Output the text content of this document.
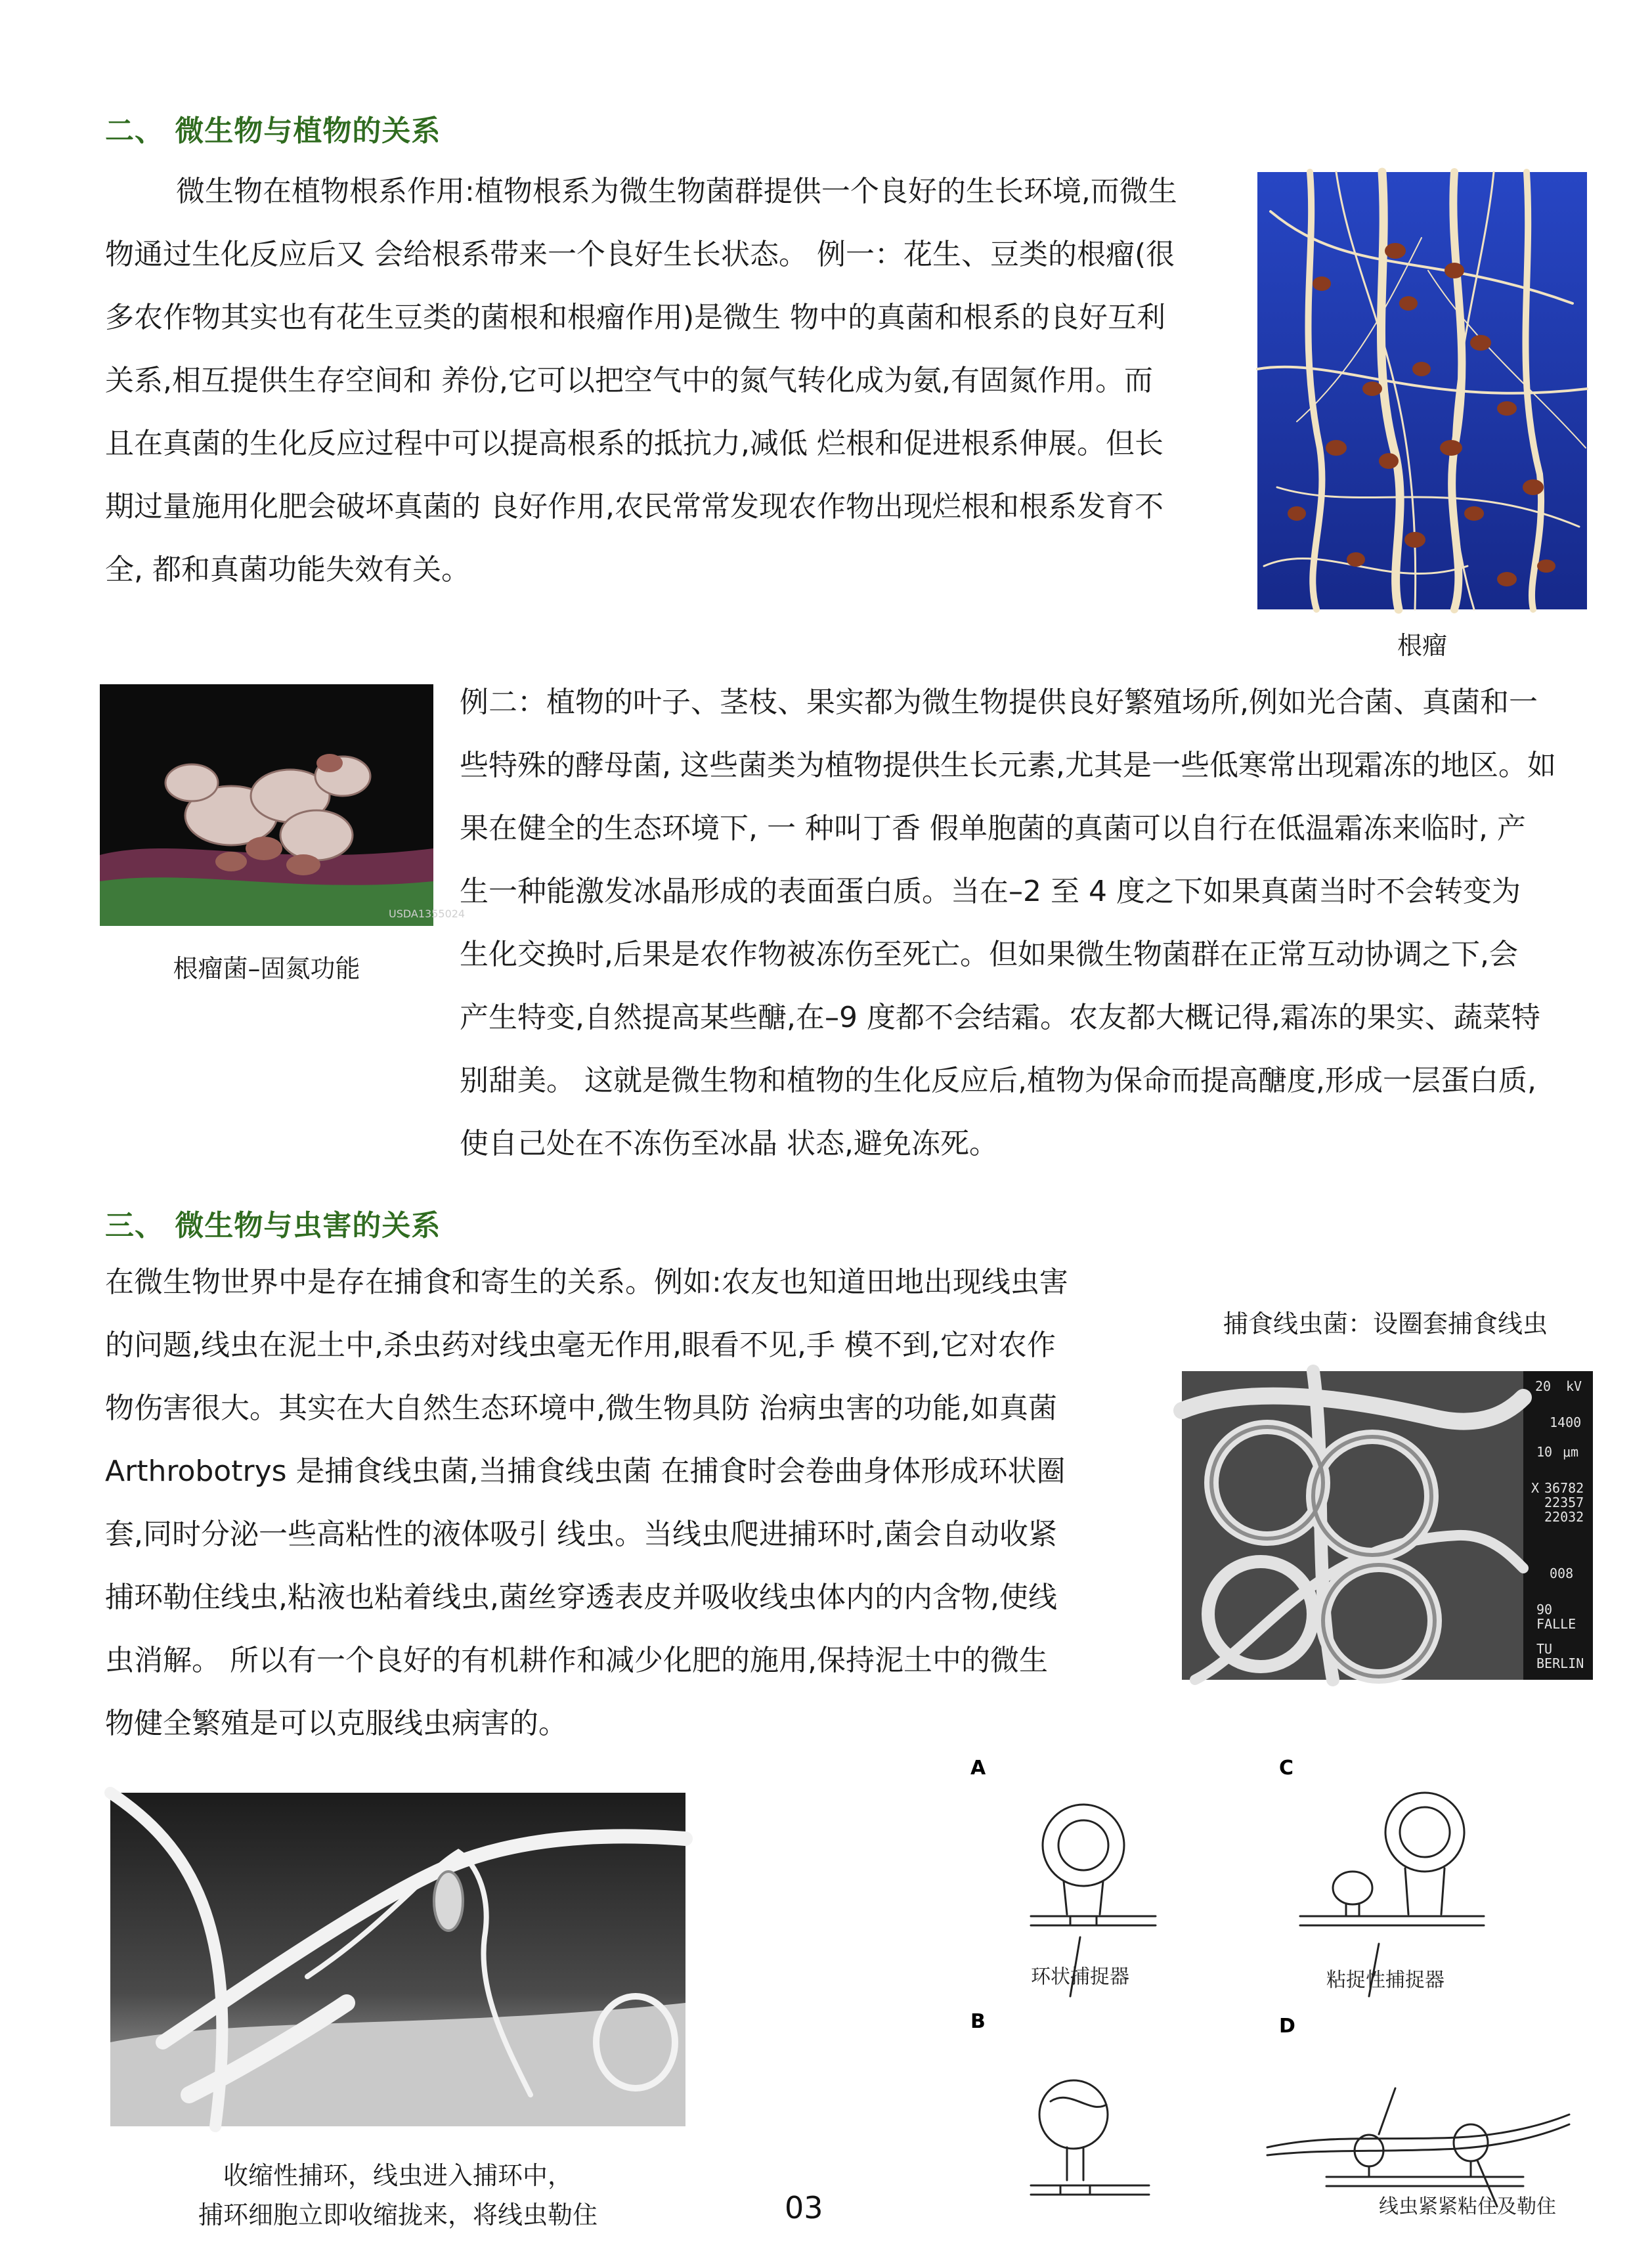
二、 微生物与植物的关系

微生物在植物根系作用:植物根系为微生物菌群提供一个良好的生长环境,而微生

物通过生化反应后又 会给根系带来一个良好生长状态。 例一：花生、豆类的根瘤(很

多农作物其实也有花生豆类的菌根和根瘤作用)是微生 物中的真菌和根系的良好互利

关系,相互提供生存空间和 养份,它可以把空气中的氮气转化成为氨,有固氮作用。而

且在真菌的生化反应过程中可以提高根系的抵抗力,减低 烂根和促进根系伸展。但长

期过量施用化肥会破坏真菌的 良好作用,农民常常发现农作物出现烂根和根系发育不

全, 都和真菌功能失效有关。

根瘤
USDA1355024
根瘤菌–固氮功能

例二：植物的叶子、茎枝、果实都为微生物提供良好繁殖场所,例如光合菌、真菌和一

些特殊的酵母菌, 这些菌类为植物提供生长元素,尤其是一些低寒常出现霜冻的地区。如

果在健全的生态环境下, 一 种叫丁香 假单胞菌的真菌可以自行在低温霜冻来临时, 产

生一种能激发冰晶形成的表面蛋白质。当在–2 至 4 度之下如果真菌当时不会转变为

生化交换时,后果是农作物被冻伤至死亡。但如果微生物菌群在正常互动协调之下,会

产生特变,自然提高某些醣,在–9 度都不会结霜。农友都大概记得,霜冻的果实、蔬菜特

别甜美。 这就是微生物和植物的生化反应后,植物为保命而提高醣度,形成一层蛋白质,

使自己处在不冻伤至冰晶 状态,避免冻死。

三、 微生物与虫害的关系

在微生物世界中是存在捕食和寄生的关系。例如:农友也知道田地出现线虫害

的问题,线虫在泥土中,杀虫药对线虫毫无作用,眼看不见,手 模不到,它对农作

物伤害很大。其实在大自然生态环境中,微生物具防 治病虫害的功能,如真菌

Arthrobotrys 是捕食线虫菌,当捕食线虫菌 在捕食时会卷曲身体形成环状圈

套,同时分泌一些高粘性的液体吸引 线虫。当线虫爬进捕环时,菌会自动收紧

捕环勒住线虫,粘液也粘着线虫,菌丝穿透表皮并吸收线虫体内的内含物,使线

虫消解。 所以有一个良好的有机耕作和减少化肥的施用,保持泥土中的微生

物健全繁殖是可以克服线虫病害的。

捕食线虫菌：设圈套捕食线虫
20 kV
1400
10 μm
X 36782
22357
22032
008
90
FALLE
TU
BERLIN
收缩性捕环，线虫进入捕环中，
捕环细胞立即收缩拢来，将线虫勒住
A
B
C
D
环状捕捉器	粘捉性捕捉器
线虫紧紧粘住及勒住
03
